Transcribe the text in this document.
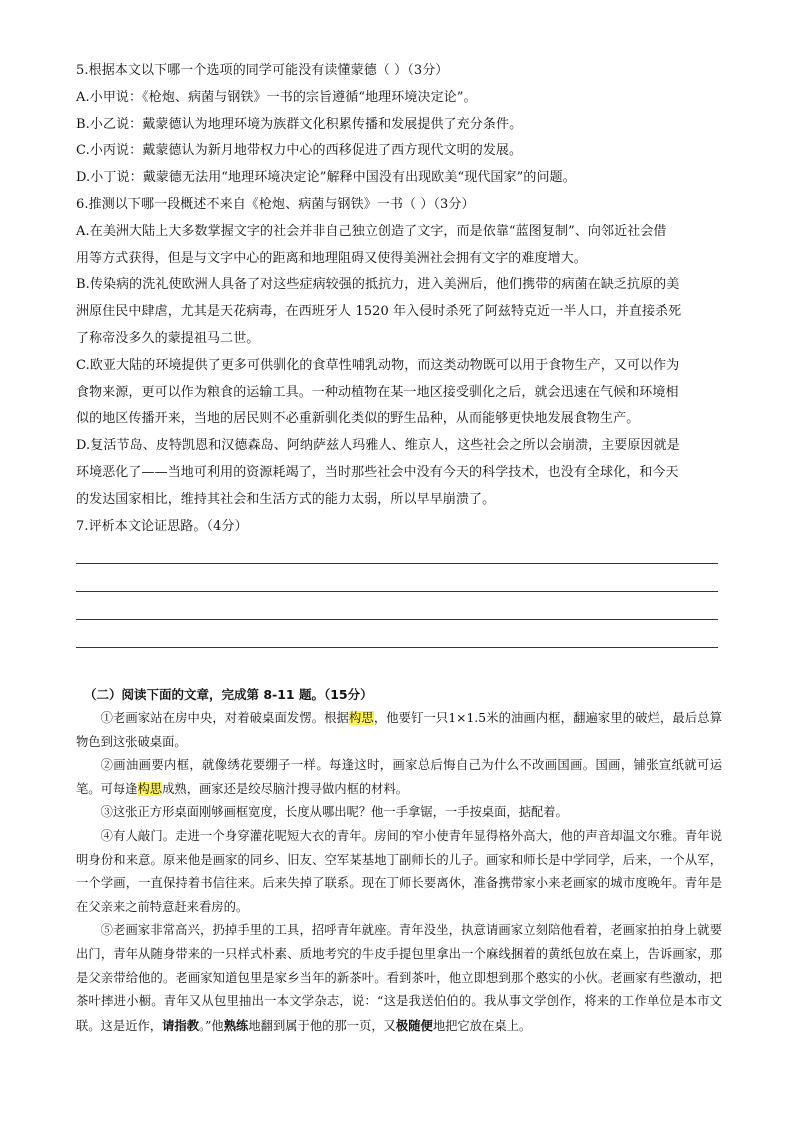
5.根据本文以下哪一个选项的同学可能没有读懂蒙德（ ）（3分）
A.小甲说：《枪炮、病菌与钢铁》一书的宗旨遵循“地理环境决定论”。
B.小乙说：戴蒙德认为地理环境为族群文化积累传播和发展提供了充分条件。
C.小丙说：戴蒙德认为新月地带权力中心的西移促进了西方现代文明的发展。
D.小丁说：戴蒙德无法用“地理环境决定论”解释中国没有出现欧美“现代国家”的问题。
6.推测以下哪一段概述不来自《枪炮、病菌与钢铁》一书（ ）（3分）
A.在美洲大陆上大多数掌握文字的社会并非自己独立创造了文字，而是依靠“蓝图复制”、向邻近社会借
用等方式获得，但是与文字中心的距离和地理阻碍又使得美洲社会拥有文字的难度增大。
B.传染病的洗礼使欧洲人具备了对这些症病较强的抵抗力，进入美洲后，他们携带的病菌在缺乏抗原的美
洲原住民中肆虐，尤其是天花病毒，在西班牙人 1520 年入侵时杀死了阿兹特克近一半人口，并直接杀死
了称帝没多久的蒙提祖马二世。
C.欧亚大陆的环境提供了更多可供驯化的食草性哺乳动物，而这类动物既可以用于食物生产，又可以作为
食物来源，更可以作为粮食的运输工具。一种动植物在某一地区接受驯化之后，就会迅速在气候和环境相
似的地区传播开来，当地的居民则不必重新驯化类似的野生品种，从而能够更快地发展食物生产。
D.复活节岛、皮特凯恩和汉德森岛、阿纳萨兹人玛雅人、维京人，这些社会之所以会崩溃，主要原因就是
环境恶化了——当地可利用的资源耗竭了，当时那些社会中没有今天的科学技术，也没有全球化，和今天
的发达国家相比，维持其社会和生活方式的能力太弱，所以早早崩溃了。
7.评析本文论证思路。（4分）
（二）阅读下面的文章，完成第 8-11 题。（15分）
①老画家站在房中央，对着破桌面发愣。根据构思，他要钉一只1×1.5米的油画内框，翻遍家里的破烂，最后总算物色到这张破桌面。
②画油画要内框，就像绣花要绷子一样。每逢这时，画家总后悔自己为什么不改画国画。国画，铺张宣纸就可运笔。可每逢构思成熟，画家还是绞尽脑汁搜寻做内框的材料。
③这张正方形桌面刚够画框宽度，长度从哪出呢？他一手拿锯，一手按桌面，掂配着。
④有人敲门。走进一个身穿灌花呢短大衣的青年。房间的窄小使青年显得格外高大，他的声音却温文尔雅。青年说明身份和来意。原来他是画家的同乡、旧友、空军某基地丁副师长的儿子。画家和师长是中学同学，后来，一个从军，一个学画，一直保持着书信往来。后来失掉了联系。现在丁师长要离休，准备携带家小来老画家的城市度晚年。青年是在父亲来之前特意赶来看房的。
⑤老画家非常高兴，扔掉手里的工具，招呼青年就座。青年没坐，执意请画家立刻陪他看着，老画家拍拍身上就要出门，青年从随身带来的一只样式朴素、质地考究的牛皮手提包里拿出一个麻线捆着的黄纸包放在桌上，告诉画家，那是父亲带给他的。老画家知道包里是家乡当年的新茶叶。看到茶叶，他立即想到那个憨实的小伙。老画家有些激动，把茶叶摔进小橱。青年又从包里抽出一本文学杂志，说：“这是我送伯伯的。我从事文学创作，将来的工作单位是本市文联。这是近作，请指教。”他熟练地翻到属于他的那一页，又极随便地把它放在桌上。
